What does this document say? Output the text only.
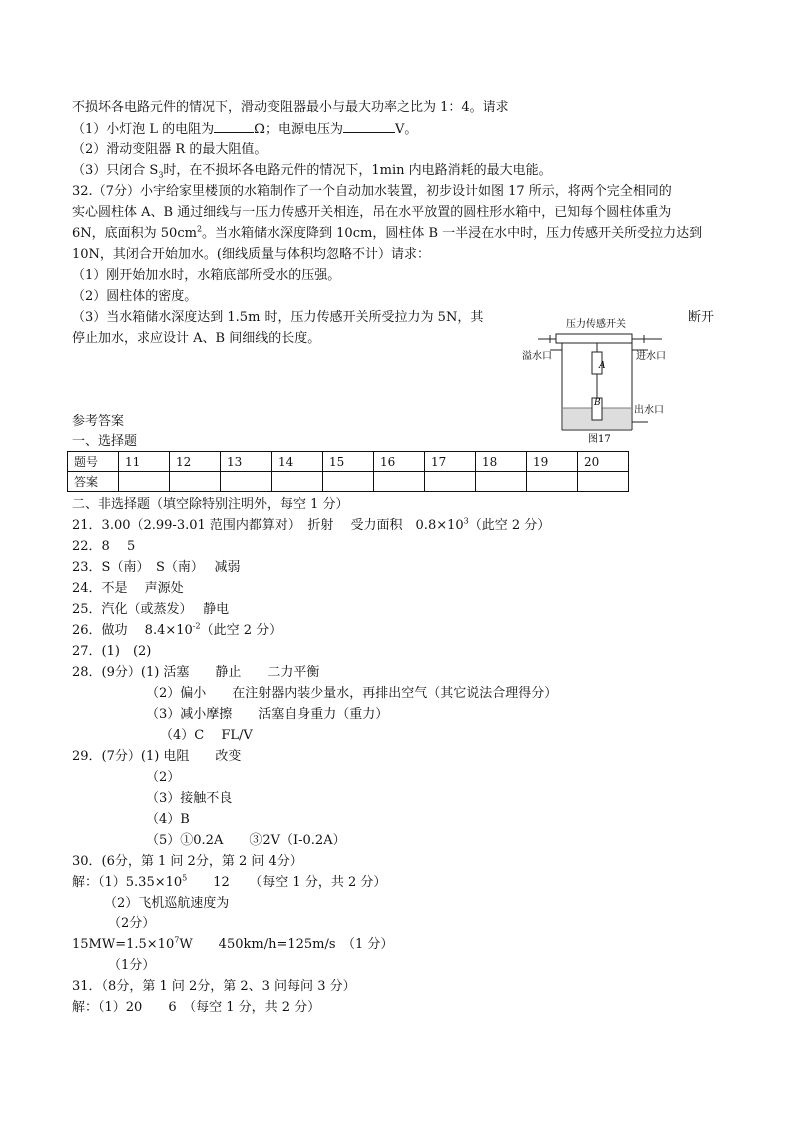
不损坏各电路元件的情况下，滑动变阻器最小与最大功率之比为 1：4。请求
（1）小灯泡 L 的电阻为	Ω；电源电压为	V。
（2）滑动变阻器 R 的最大阻值。
（3）只闭合 $S_3$时，在不损坏各电路元件的情况下，1min 内电路消耗的最大电能。
32.（7分）小宇给家里楼顶的水箱制作了一个自动加水装置，初步设计如图 17 所示，将两个完全相同的
实心圆柱体 A、B 通过细线与一压力传感开关相连，吊在水平放置的圆柱形水箱中，已知每个圆柱体重为
6N，底面积为 $50cm^2$。当水箱储水深度降到 10cm，圆柱体 B 一半浸在水中时，压力传感开关所受拉力达到
10N，其闭合开始加水。(细线质量与体积均忽略不计）请求：
（1）刚开始加水时，水箱底部所受水的压强。
（2）圆柱体的密度。
（3）当水箱储水深度达到 1.5m 时，压力传感开关所受拉力为 5N，其	断开
停止加水，求应设计 A、B 间细线的长度。
压力传感开关
溢水口	进水口
出水口
A
B
图17
参考答案
一、选择题
题号	11	12	13	14	15	16	17	18	19	20
答案										
二、非选择题（填空除特别注明外，每空 1 分）
21．3.00（2.99-3.01 范围内都算对）　折射　 受力面积　$0.8\times 10^3$（此空 2 分）
22．8　 5
23．S（南）　S（南）　 减弱
24．不是　 声源处
25．汽化（或蒸发）　 静电
26．做功　 $8.4\times 10^{-2}$（此空 2 分）
27．(1)　(2)
28．(9分）(1) 活塞　　静止　　二力平衡
（2）偏小　　在注射器内装少量水，再排出空气（其它说法合理得分）
（3）减小摩擦　　活塞自身重力（重力）
（4）C　 FL/V
29．(7分）(1) 电阻　　改变
（2）
（3）接触不良
（4）B
（5）①0.2A　　③2V（I-0.2A）
30．(6分，第 1 问 2分，第 2 问 4分）
解：$(1)5.35\times 10^5$　　12　　（每空 1 分，共 2 分）
（2）飞机巡航速度为
（2分）
$15MW=1.5\times 10^7W$　　450km/h=125m/s　（1 分）
（1分）
31．（8分，第 1 问 2分，第 2、3 问每问 3 分）
解：（1）20　　6　（每空 1 分，共 2 分）
